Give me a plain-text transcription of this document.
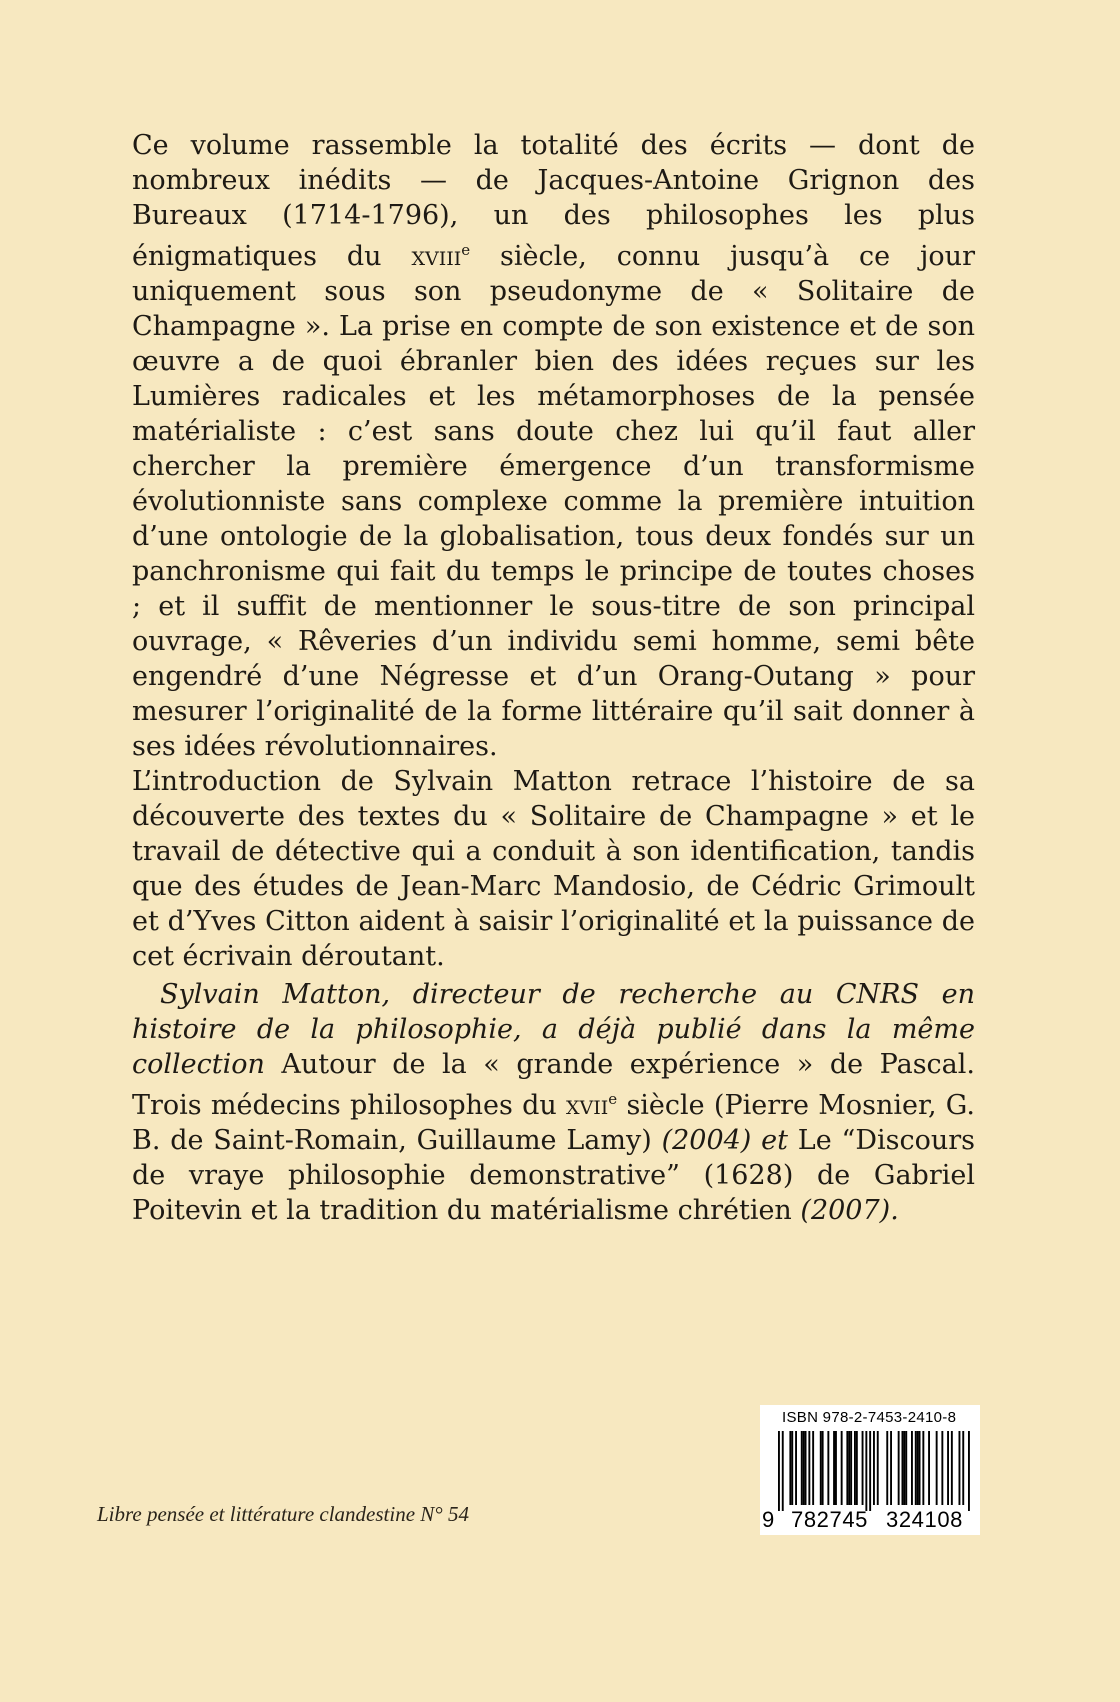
Ce volume rassemble la totalité des écrits — dont de nombreux inédits — de Jacques-Antoine Grignon des Bureaux (1714-1796), un des philosophes les plus énigmatiques du xviii$^e$ siècle, connu jusqu’à ce jour uniquement sous son pseudonyme de « Solitaire de Champagne ». La prise en compte de son existence et de son œuvre a de quoi ébranler bien des idées reçues sur les Lumières radicales et les métamorphoses de la pensée matérialiste : c’est sans doute chez lui qu’il faut aller chercher la première émergence d’un transformisme évolutionniste sans complexe comme la première intuition d’une ontologie de la globalisation, tous deux fondés sur un panchronisme qui fait du temps le principe de toutes choses ; et il suffit de mentionner le sous-titre de son principal ouvrage, « Rêveries d’un individu semi homme, semi bête engendré d’une Négresse et d’un Orang-Outang » pour mesurer l’originalité de la forme littéraire qu’il sait donner à ses idées révolutionnaires.

L’introduction de Sylvain Matton retrace l’histoire de sa découverte des textes du « Solitaire de Champagne » et le travail de détective qui a conduit à son identification, tandis que des études de Jean-Marc Mandosio, de Cédric Grimoult et d’Yves Citton aident à saisir l’originalité et la puissance de cet écrivain déroutant.

Sylvain Matton, directeur de recherche au CNRS en histoire de la philosophie, a déjà publié dans la même collection Autour de la « grande expérience » de Pascal. Trois médecins philosophes du xvii$^e$ siècle (Pierre Mosnier, G. B. de Saint-Romain, Guillaume Lamy) (2004) et Le “Discours de vraye philosophie demonstrative” (1628) de Gabriel Poitevin et la tradition du matérialisme chrétien (2007).

Libre pensée et littérature clandestine N° 54
ISBN 978-2-7453-2410-8
9 782745 324108
